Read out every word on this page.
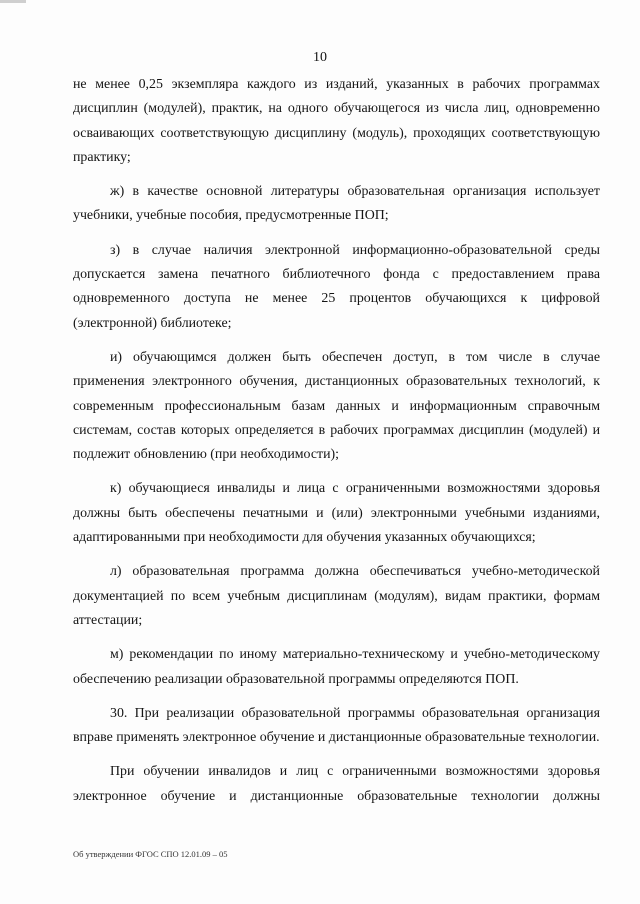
10

не менее 0,25 экземпляра каждого из изданий, указанных в рабочих программах дисциплин (модулей), практик, на одного обучающегося из числа лиц, одновременно осваивающих соответствующую дисциплину (модуль), проходящих соответствующую практику;

ж) в качестве основной литературы образовательная организация использует учебники, учебные пособия, предусмотренные ПОП;

з) в случае наличия электронной информационно-образовательной среды допускается замена печатного библиотечного фонда с предоставлением права одновременного доступа не менее 25 процентов обучающихся к цифровой (электронной) библиотеке;

и) обучающимся должен быть обеспечен доступ, в том числе в случае применения электронного обучения, дистанционных образовательных технологий, к современным профессиональным базам данных и информационным справочным системам, состав которых определяется в рабочих программах дисциплин (модулей) и подлежит обновлению (при необходимости);

к) обучающиеся инвалиды и лица с ограниченными возможностями здоровья должны быть обеспечены печатными и (или) электронными учебными изданиями, адаптированными при необходимости для обучения указанных обучающихся;

л) образовательная программа должна обеспечиваться учебно-методической документацией по всем учебным дисциплинам (модулям), видам практики, формам аттестации;

м) рекомендации по иному материально-техническому и учебно-методическому обеспечению реализации образовательной программы определяются ПОП.

30. При реализации образовательной программы образовательная организация вправе применять электронное обучение и дистанционные образовательные технологии.

При обучении инвалидов и лиц с ограниченными возможностями здоровья электронное обучение и дистанционные образовательные технологии должны

Об утверждении ФГОС СПО 12.01.09 – 05
